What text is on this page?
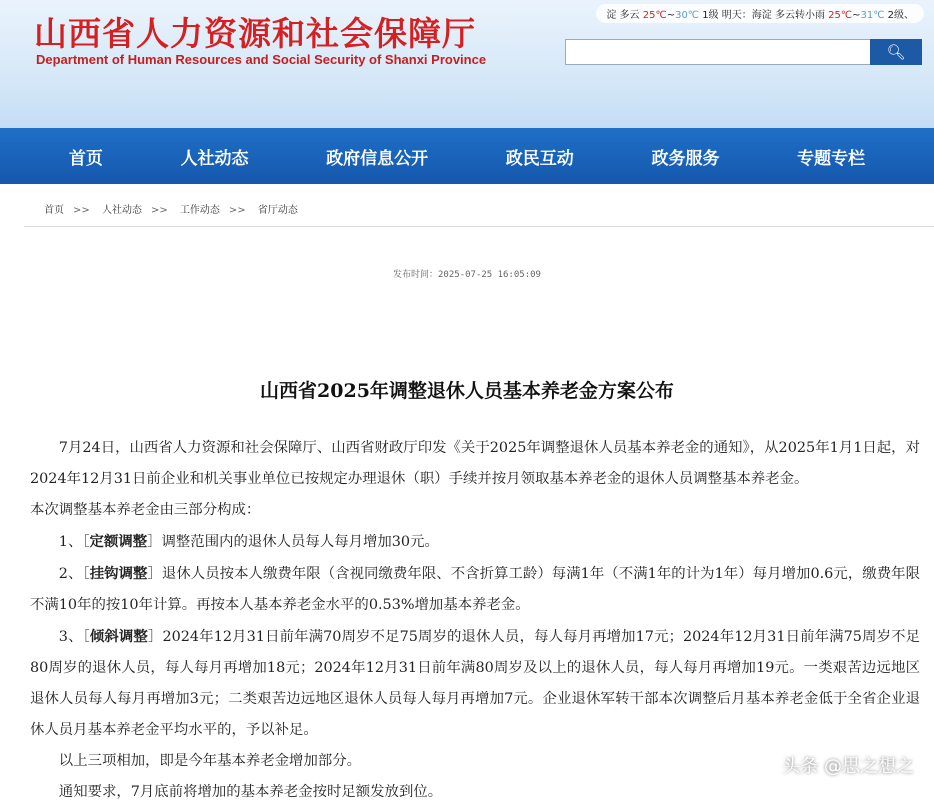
山西省人力资源和社会保障厅
Department of Human Resources and Social Security of Shanxi Province
淀 多云 25℃~30℃ 1级 明天：海淀 多云转小雨 25℃~31℃ 2级、
🔍︎
首页	人社动态	政府信息公开	政民互动	政务服务	专题专栏
首页 >> 人社动态 >> 工作动态 >> 省厅动态
发布时间：2025-07-25 16:05:09
山西省2025年调整退休人员基本养老金方案公布

7月24日，山西省人力资源和社会保障厅、山西省财政厅印发《关于2025年调整退休人员基本养老金的通知》，从2025年1月1日起，对2024年12月31日前企业和机关事业单位已按规定办理退休（职）手续并按月领取基本养老金的退休人员调整基本养老金。

本次调整基本养老金由三部分构成：

1、［定额调整］调整范围内的退休人员每人每月增加30元。

2、［挂钩调整］退休人员按本人缴费年限（含视同缴费年限、不含折算工龄）每满1年（不满1年的计为1年）每月增加0.6元，缴费年限不满10年的按10年计算。再按本人基本养老金水平的0.53%增加基本养老金。

3、［倾斜调整］2024年12月31日前年满70周岁不足75周岁的退休人员，每人每月再增加17元；2024年12月31日前年满75周岁不足80周岁的退休人员，每人每月再增加18元；2024年12月31日前年满80周岁及以上的退休人员，每人每月再增加19元。一类艰苦边远地区退休人员每人每月再增加3元；二类艰苦边远地区退休人员每人每月再增加7元。企业退休军转干部本次调整后月基本养老金低于全省企业退休人员月基本养老金平均水平的，予以补足。

以上三项相加，即是今年基本养老金增加部分。

通知要求，7月底前将增加的基本养老金按时足额发放到位。

头条 @思之想之
